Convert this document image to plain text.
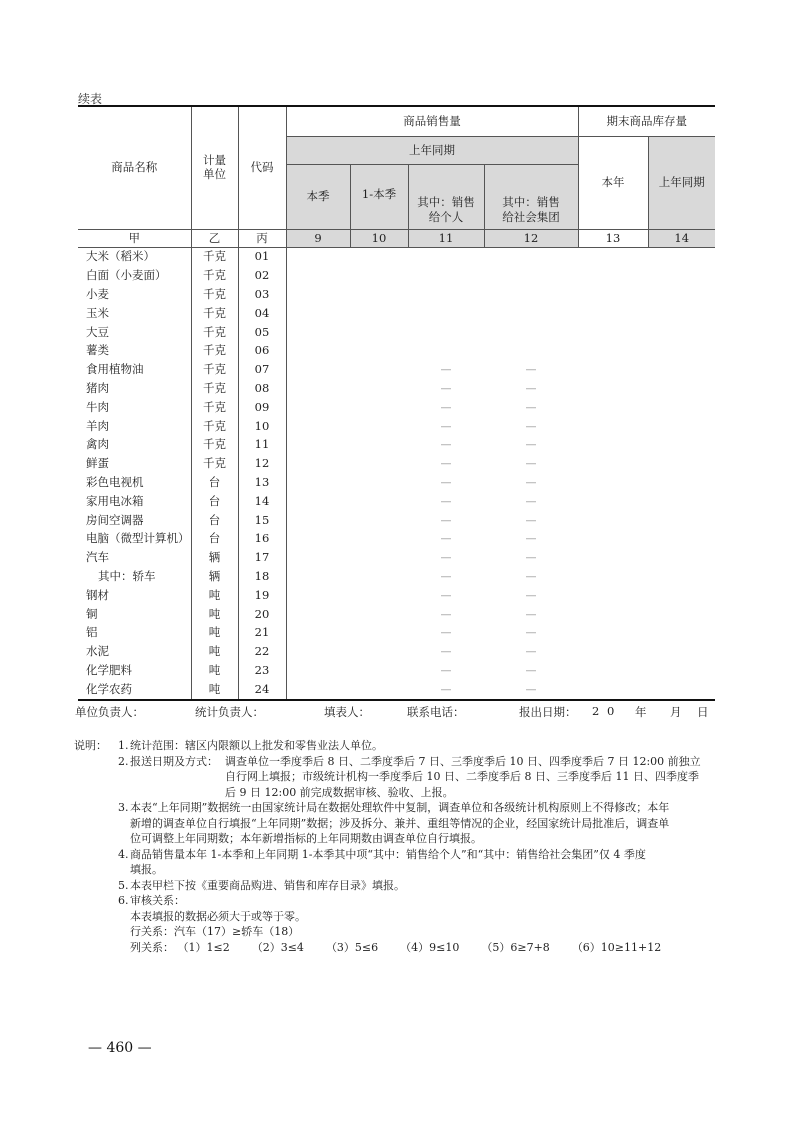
续表
商品名称	计量单位	代码	商品销售量				期末商品库存量	
			上年同期				本年	上年同期
			本季	1-本季	其中：销售给个人	其中：销售给社会集团		
甲	乙	丙	9	10	11	12	13	14
大米（稻米）	千克	01						
白面（小麦面）	千克	02						
小麦	千克	03						
玉米	千克	04						
大豆	千克	05						
薯类	千克	06						
食用植物油	千克	07			—	—		
猪肉	千克	08			—	—		
牛肉	千克	09			—	—		
羊肉	千克	10			—	—		
禽肉	千克	11			—	—		
鲜蛋	千克	12			—	—		
彩色电视机	台	13			—	—		
家用电冰箱	台	14			—	—		
房间空调器	台	15			—	—		
电脑（微型计算机）	台	16			—	—		
汽车	辆	17			—	—		
其中：轿车	辆	18			—	—		
钢材	吨	19			—	—		
铜	吨	20			—	—		
铝	吨	21			—	—		
水泥	吨	22			—	—		
化学肥料	吨	23			—	—		
化学农药	吨	24			—	—		
单位负责人：	统计负责人：	填表人：	联系电话：	报出日期： 2 0 年 月 日
说明： 1. 统计范围：辖区内限额以上批发和零售业法人单位。
2. 报送日期及方式： 调查单位一季度季后 8 日、二季度季后 7 日、三季度季后 10 日、四季度季后 7 日 12:00 前独立
自行网上填报；市级统计机构一季度季后 10 日、二季度季后 8 日、三季度季后 11 日、四季度季
后 9 日 12:00 前完成数据审核、验收、上报。
3. 本表“上年同期”数据统一由国家统计局在数据处理软件中复制，调查单位和各级统计机构原则上不得修改；本年
新增的调查单位自行填报“上年同期”数据；涉及拆分、兼并、重组等情况的企业，经国家统计局批准后，调查单
位可调整上年同期数；本年新增指标的上年同期数由调查单位自行填报。
4. 商品销售量本年 1-本季和上年同期 1-本季其中项“其中：销售给个人”和“其中：销售给社会集团”仅 4 季度
填报。
5. 本表甲栏下按《重要商品购进、销售和库存目录》填报。
6. 审核关系：
本表填报的数据必须大于或等于零。
行关系：汽车（17）≥轿车（18）
列关系： （1）1≤2 （2）3≤4 （3）5≤6 （4）9≤10 （5）6≥7+8 （6）10≥11+12
— 460 —
